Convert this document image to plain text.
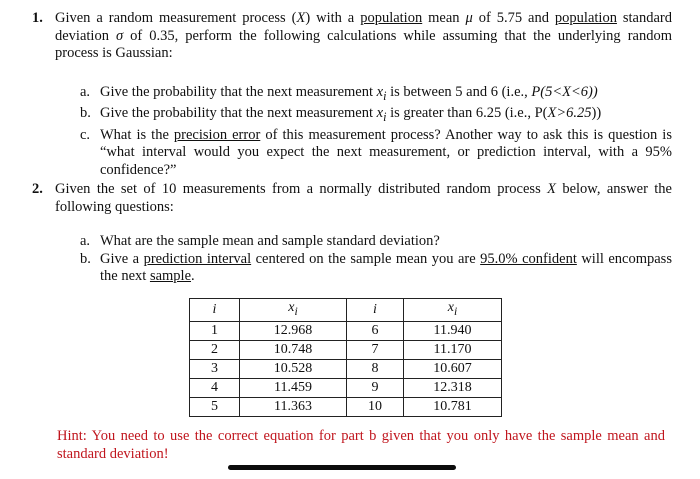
1. Given a random measurement process (X) with a population mean μ of 5.75 and population standard deviation σ of 0.35, perform the following calculations while assuming that the underlying random process is Gaussian:
a. Give the probability that the next measurement $x_i$ is between 5 and 6 (i.e., P(5<X<6))
b. Give the probability that the next measurement $x_i$ is greater than 6.25 (i.e., P(X>6.25))
c. What is the precision error of this measurement process? Another way to ask this is question is “what interval would you expect the next measurement, or prediction interval, with a 95% confidence?”
2. Given the set of 10 measurements from a normally distributed random process X below, answer the following questions:
a. What are the sample mean and sample standard deviation?
b. Give a prediction interval centered on the sample mean you are 95.0% confident will encompass the next sample.
i	$x_i$	i	$x_i$
1	12.968	6	11.940
2	10.748	7	11.170
3	10.528	8	10.607
4	11.459	9	12.318
5	11.363	10	10.781
Hint: You need to use the correct equation for part b given that you only have the sample mean and standard deviation!
